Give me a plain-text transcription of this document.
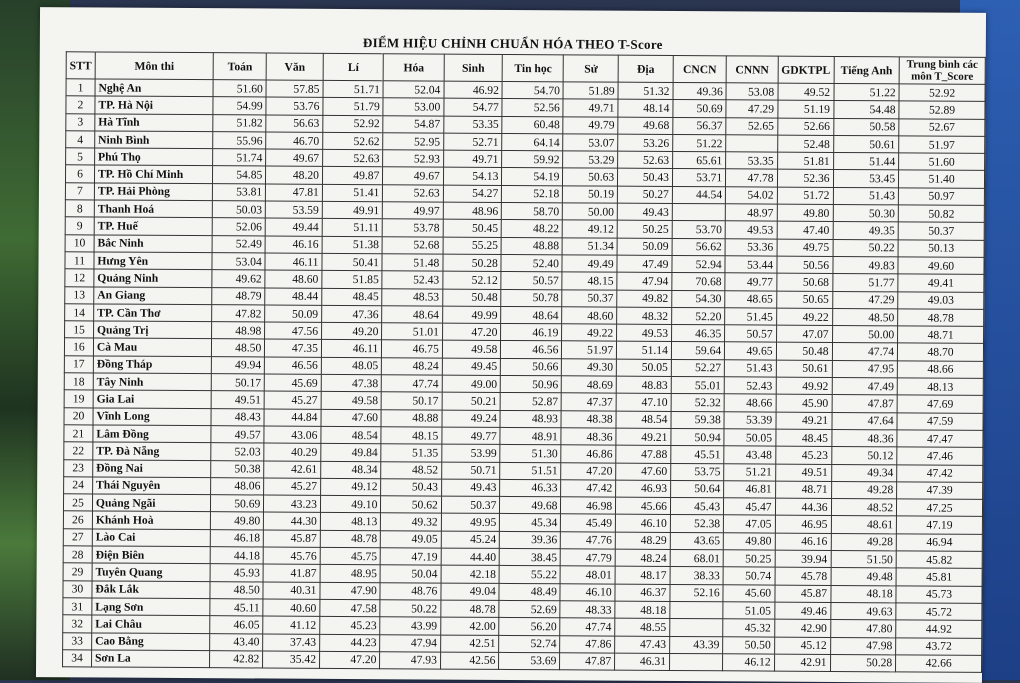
ĐIỂM HIỆU CHỈNH CHUẨN HÓA THEO T-Score
STT	Môn thi	Toán	Văn	Lí	Hóa	Sinh	Tin học	Sử	Địa	CNCN	CNNN	GDKTPL	Tiếng Anh	Trung bình các môn T_Score
1	Nghệ An	51.60	57.85	51.71	52.04	46.92	54.70	51.89	51.32	49.36	53.08	49.52	51.22	52.92
2	TP. Hà Nội	54.99	53.76	51.79	53.00	54.77	52.56	49.71	48.14	50.69	47.29	51.19	54.48	52.89
3	Hà Tĩnh	51.82	56.63	52.92	54.87	53.35	60.48	49.79	49.68	56.37	52.65	52.66	50.58	52.67
4	Ninh Bình	55.96	46.70	52.62	52.95	52.71	64.14	53.07	53.26	51.22		52.48	50.61	51.97
5	Phú Thọ	51.74	49.67	52.63	52.93	49.71	59.92	53.29	52.63	65.61	53.35	51.81	51.44	51.60
6	TP. Hồ Chí Minh	54.85	48.20	49.87	49.67	54.13	54.19	50.63	50.43	53.71	47.78	52.36	53.45	51.40
7	TP. Hải Phòng	53.81	47.81	51.41	52.63	54.27	52.18	50.19	50.27	44.54	54.02	51.72	51.43	50.97
8	Thanh Hoá	50.03	53.59	49.91	49.97	48.96	58.70	50.00	49.43		48.97	49.80	50.30	50.82
9	TP. Huế	52.06	49.44	51.11	53.78	50.45	48.22	49.12	50.25	53.70	49.53	47.40	49.35	50.37
10	Bắc Ninh	52.49	46.16	51.38	52.68	55.25	48.88	51.34	50.09	56.62	53.36	49.75	50.22	50.13
11	Hưng Yên	53.04	46.11	50.41	51.48	50.28	52.40	49.49	47.49	52.94	53.44	50.56	49.83	49.60
12	Quảng Ninh	49.62	48.60	51.85	52.43	52.12	50.57	48.15	47.94	70.68	49.77	50.68	51.77	49.41
13	An Giang	48.79	48.44	48.45	48.53	50.48	50.78	50.37	49.82	54.30	48.65	50.65	47.29	49.03
14	TP. Cần Thơ	47.82	50.09	47.36	48.64	49.99	48.64	48.60	48.32	52.20	51.45	49.22	48.50	48.78
15	Quảng Trị	48.98	47.56	49.20	51.01	47.20	46.19	49.22	49.53	46.35	50.57	47.07	50.00	48.71
16	Cà Mau	48.50	47.35	46.11	46.75	49.58	46.56	51.97	51.14	59.64	49.65	50.48	47.74	48.70
17	Đồng Tháp	49.94	46.56	48.05	48.24	49.45	50.66	49.30	50.05	52.27	51.43	50.61	47.95	48.66
18	Tây Ninh	50.17	45.69	47.38	47.74	49.00	50.96	48.69	48.83	55.01	52.43	49.92	47.49	48.13
19	Gia Lai	49.51	45.27	49.58	50.17	50.21	52.87	47.37	47.10	52.32	48.66	45.90	47.87	47.69
20	Vĩnh Long	48.43	44.84	47.60	48.88	49.24	48.93	48.38	48.54	59.38	53.39	49.21	47.64	47.59
21	Lâm Đồng	49.57	43.06	48.54	48.15	49.77	48.91	48.36	49.21	50.94	50.05	48.45	48.36	47.47
22	TP. Đà Nẵng	52.03	40.29	49.84	51.35	53.99	51.30	46.86	47.88	45.51	43.48	45.23	50.12	47.46
23	Đồng Nai	50.38	42.61	48.34	48.52	50.71	51.51	47.20	47.60	53.75	51.21	49.51	49.34	47.42
24	Thái Nguyên	48.06	45.27	49.12	50.43	49.43	46.33	47.42	46.93	50.64	46.81	48.71	49.28	47.39
25	Quảng Ngãi	50.69	43.23	49.10	50.62	50.37	49.68	46.98	45.66	45.43	45.47	44.36	48.52	47.25
26	Khánh Hoà	49.80	44.30	48.13	49.32	49.95	45.34	45.49	46.10	52.38	47.05	46.95	48.61	47.19
27	Lào Cai	46.18	45.87	48.78	49.05	45.24	39.36	47.76	48.29	43.65	49.80	46.16	49.28	46.94
28	Điện Biên	44.18	45.76	45.75	47.19	44.40	38.45	47.79	48.24	68.01	50.25	39.94	51.50	45.82
29	Tuyên Quang	45.93	41.87	48.95	50.04	42.18	55.22	48.01	48.17	38.33	50.74	45.78	49.48	45.81
30	Đắk Lắk	48.50	40.31	47.90	48.76	49.04	48.49	46.10	46.37	52.16	45.60	45.87	48.18	45.73
31	Lạng Sơn	45.11	40.60	47.58	50.22	48.78	52.69	48.33	48.18		51.05	49.46	49.63	45.72
32	Lai Châu	46.05	41.12	45.23	43.99	42.00	56.20	47.74	48.55		45.32	42.90	47.80	44.92
33	Cao Bằng	43.40	37.43	44.23	47.94	42.51	52.74	47.86	47.43	43.39	50.50	45.12	47.98	43.72
34	Sơn La	42.82	35.42	47.20	47.93	42.56	53.69	47.87	46.31		46.12	42.91	50.28	42.66
